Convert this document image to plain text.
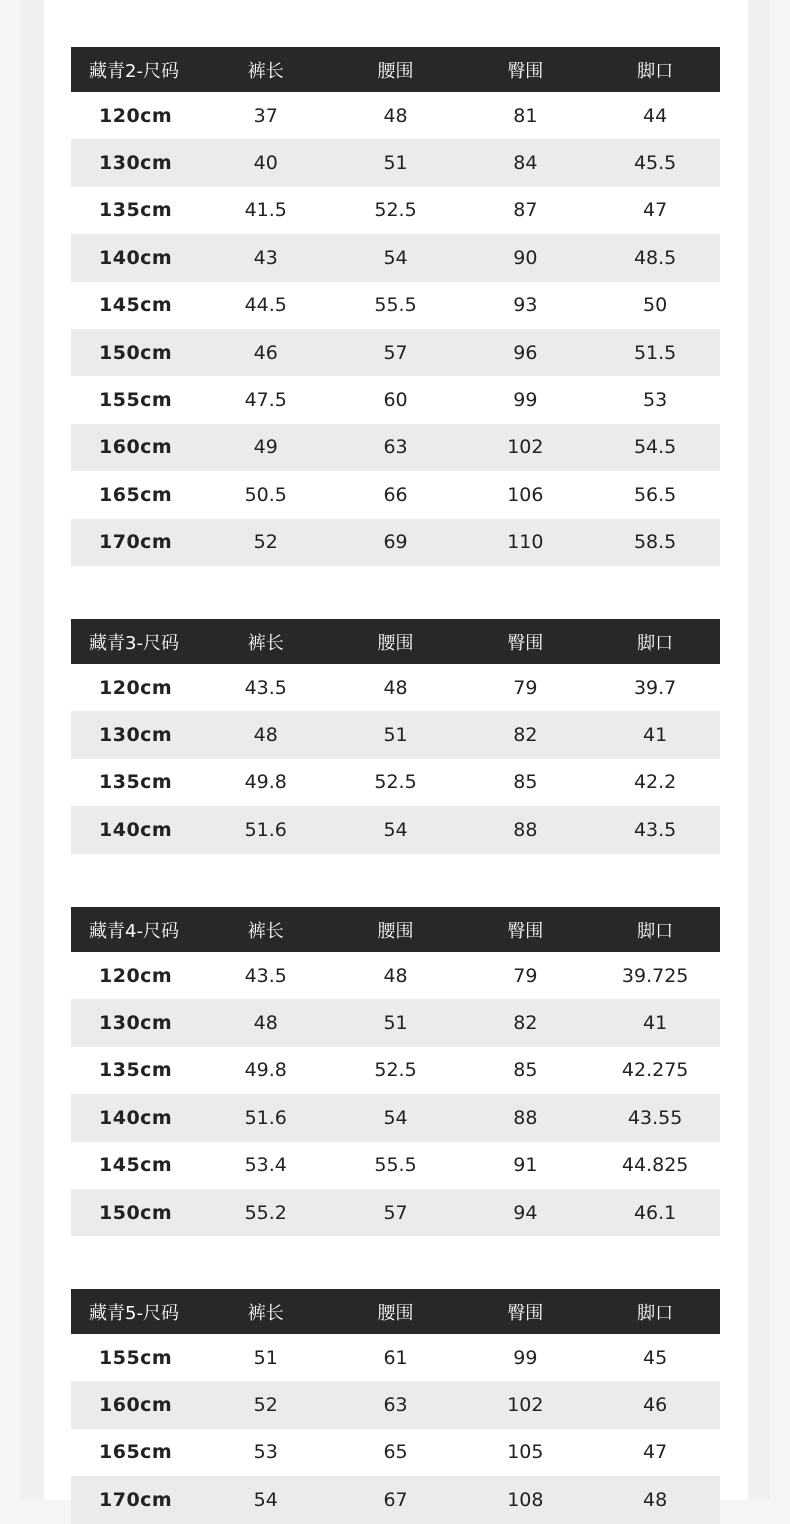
藏青2-尺码	裤长	腰围	臀围	脚口
120cm	37	48	81	44
130cm	40	51	84	45.5
135cm	41.5	52.5	87	47
140cm	43	54	90	48.5
145cm	44.5	55.5	93	50
150cm	46	57	96	51.5
155cm	47.5	60	99	53
160cm	49	63	102	54.5
165cm	50.5	66	106	56.5
170cm	52	69	110	58.5
藏青3-尺码	裤长	腰围	臀围	脚口
120cm	43.5	48	79	39.7
130cm	48	51	82	41
135cm	49.8	52.5	85	42.2
140cm	51.6	54	88	43.5
藏青4-尺码	裤长	腰围	臀围	脚口
120cm	43.5	48	79	39.725
130cm	48	51	82	41
135cm	49.8	52.5	85	42.275
140cm	51.6	54	88	43.55
145cm	53.4	55.5	91	44.825
150cm	55.2	57	94	46.1
藏青5-尺码	裤长	腰围	臀围	脚口
155cm	51	61	99	45
160cm	52	63	102	46
165cm	53	65	105	47
170cm	54	67	108	48
